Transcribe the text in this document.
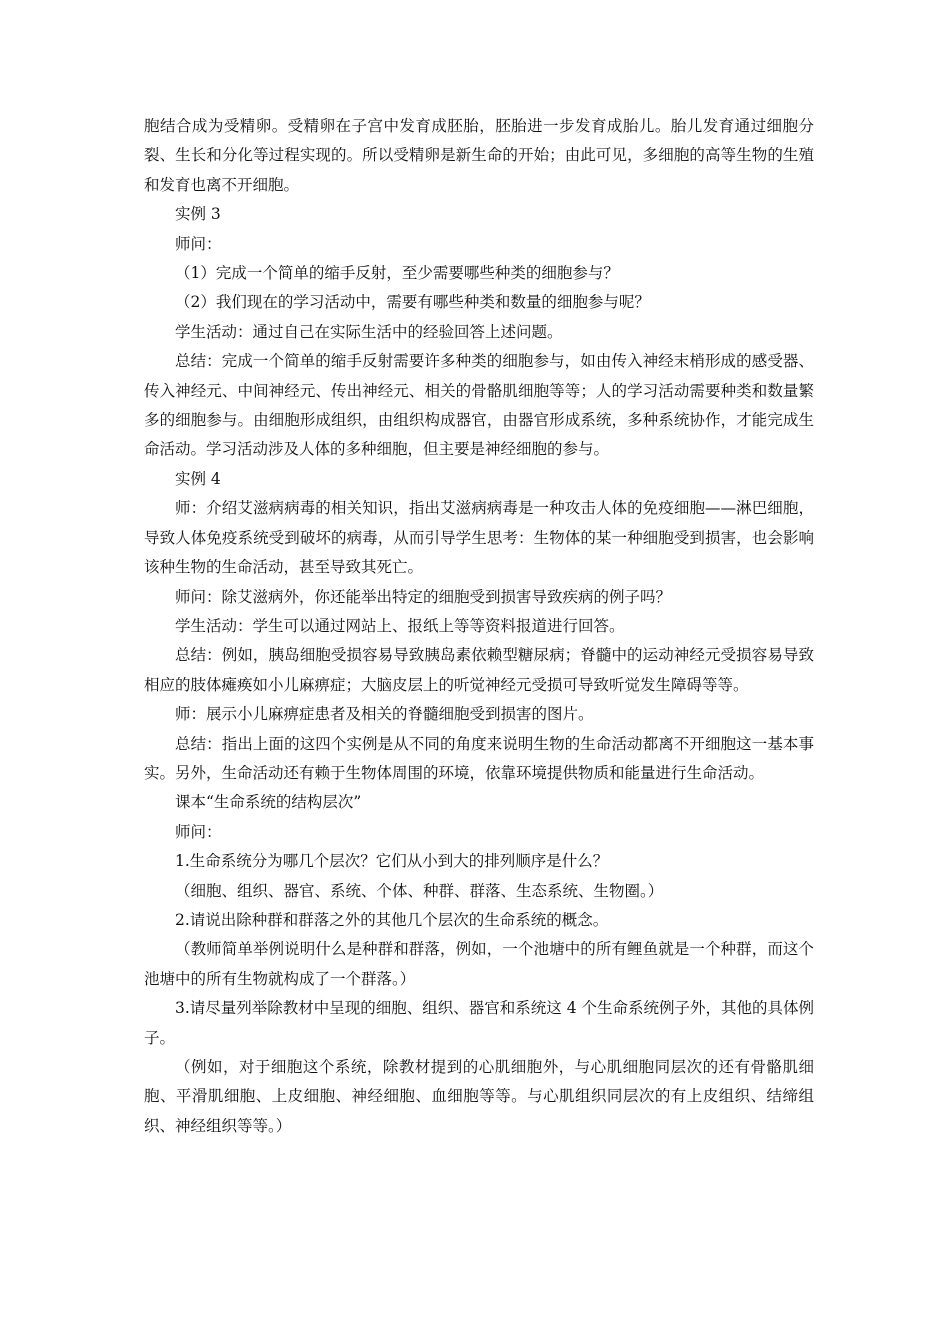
胞结合成为受精卵。受精卵在子宫中发育成胚胎，胚胎进一步发育成胎儿。胎儿发育通过细胞分裂、生长和分化等过程实现的。所以受精卵是新生命的开始；由此可见，多细胞的高等生物的生殖和发育也离不开细胞。

实例 3

师问：

（1）完成一个简单的缩手反射，至少需要哪些种类的细胞参与？

（2）我们现在的学习活动中，需要有哪些种类和数量的细胞参与呢？

学生活动：通过自己在实际生活中的经验回答上述问题。

总结：完成一个简单的缩手反射需要许多种类的细胞参与，如由传入神经末梢形成的感受器、传入神经元、中间神经元、传出神经元、相关的骨骼肌细胞等等；人的学习活动需要种类和数量繁多的细胞参与。由细胞形成组织，由组织构成器官，由器官形成系统，多种系统协作，才能完成生命活动。学习活动涉及人体的多种细胞，但主要是神经细胞的参与。

实例 4

师：介绍艾滋病病毒的相关知识，指出艾滋病病毒是一种攻击人体的免疫细胞——淋巴细胞，导致人体免疫系统受到破坏的病毒，从而引导学生思考：生物体的某一种细胞受到损害，也会影响该种生物的生命活动，甚至导致其死亡。

师问：除艾滋病外，你还能举出特定的细胞受到损害导致疾病的例子吗？

学生活动：学生可以通过网站上、报纸上等等资料报道进行回答。

总结：例如，胰岛细胞受损容易导致胰岛素依赖型糖尿病；脊髓中的运动神经元受损容易导致相应的肢体瘫痪如小儿麻痹症；大脑皮层上的听觉神经元受损可导致听觉发生障碍等等。

师：展示小儿麻痹症患者及相关的脊髓细胞受到损害的图片。

总结：指出上面的这四个实例是从不同的角度来说明生物的生命活动都离不开细胞这一基本事实。另外，生命活动还有赖于生物体周围的环境，依靠环境提供物质和能量进行生命活动。

课本“生命系统的结构层次”

师问：

1.生命系统分为哪几个层次？它们从小到大的排列顺序是什么？

（细胞、组织、器官、系统、个体、种群、群落、生态系统、生物圈。）

2.请说出除种群和群落之外的其他几个层次的生命系统的概念。

（教师简单举例说明什么是种群和群落，例如，一个池塘中的所有鲤鱼就是一个种群，而这个池塘中的所有生物就构成了一个群落。）

3.请尽量列举除教材中呈现的细胞、组织、器官和系统这 4 个生命系统例子外，其他的具体例子。

（例如，对于细胞这个系统，除教材提到的心肌细胞外，与心肌细胞同层次的还有骨骼肌细胞、平滑肌细胞、上皮细胞、神经细胞、血细胞等等。与心肌组织同层次的有上皮组织、结缔组织、神经组织等等。）
